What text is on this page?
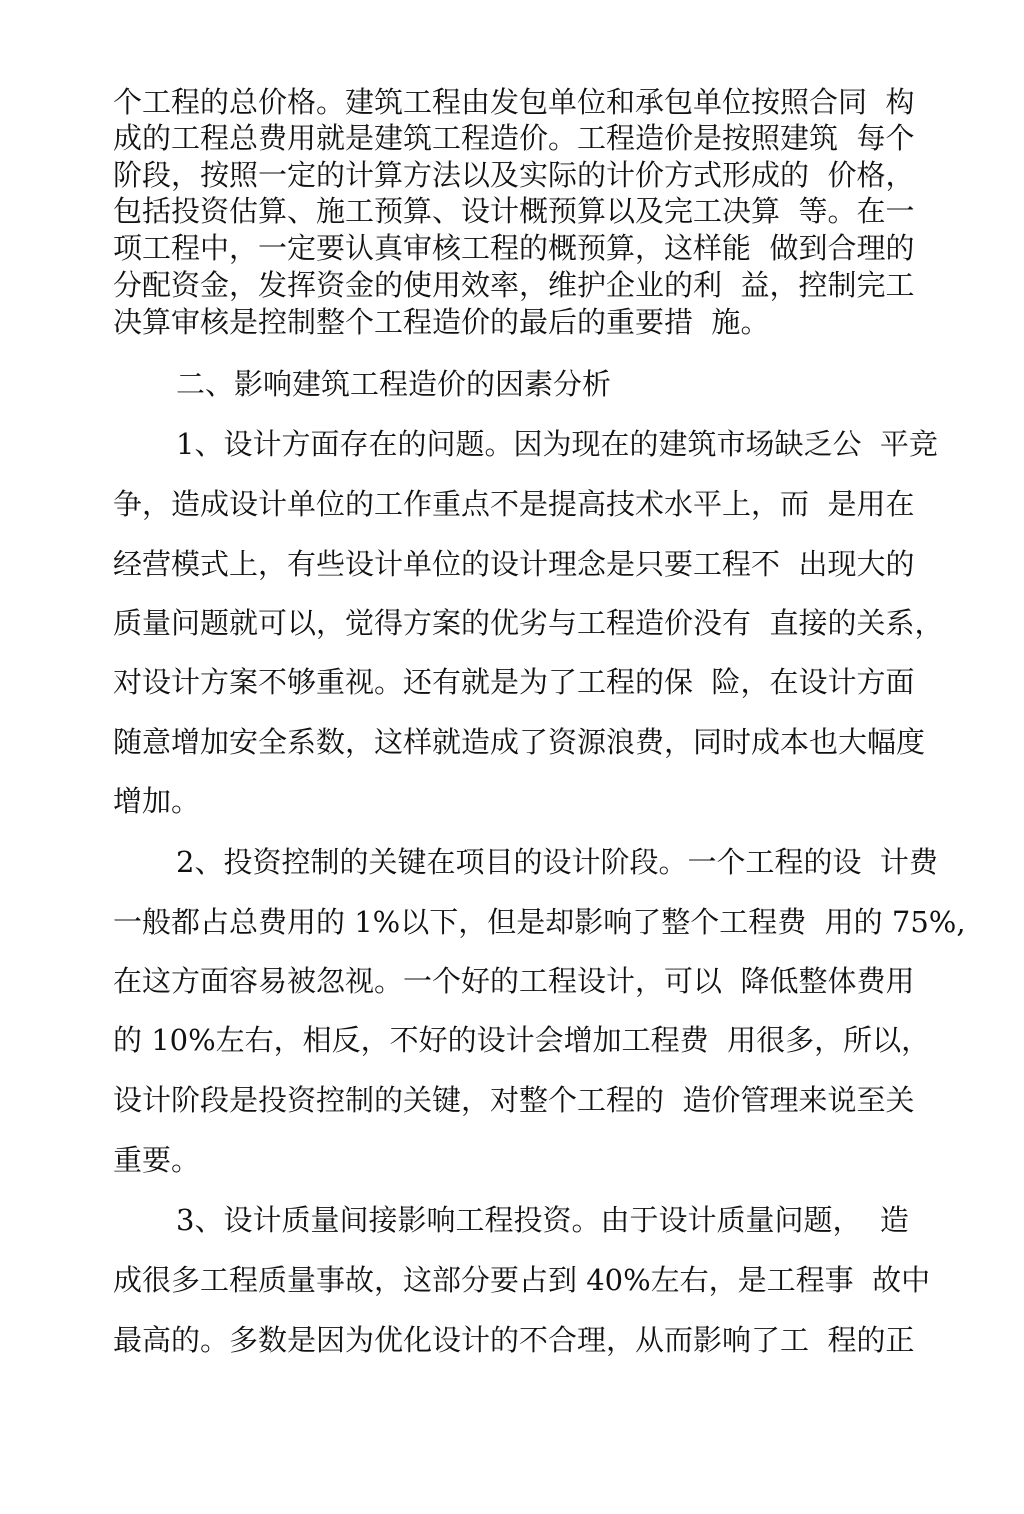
个工程的总价格。建筑工程由发包单位和承包单位按照合同  构
成的工程总费用就是建筑工程造价。工程造价是按照建筑  每个
阶段，按照一定的计算方法以及实际的计价方式形成的  价格，
包括投资估算、施工预算、设计概预算以及完工决算  等。在一
项工程中，一定要认真审核工程的概预算，这样能  做到合理的
分配资金，发挥资金的使用效率，维护企业的利  益，控制完工
决算审核是控制整个工程造价的最后的重要措  施。
二、影响建筑工程造价的因素分析
1、设计方面存在的问题。因为现在的建筑市场缺乏公  平竞
争，造成设计单位的工作重点不是提高技术水平上，而  是用在
经营模式上，有些设计单位的设计理念是只要工程不  出现大的
质量问题就可以，觉得方案的优劣与工程造价没有  直接的关系，
对设计方案不够重视。还有就是为了工程的保  险，在设计方面
随意增加安全系数，这样就造成了资源浪费，同时成本也大幅度
增加。
2、投资控制的关键在项目的设计阶段。一个工程的设  计费
一般都占总费用的 1%以下，但是却影响了整个工程费  用的 75%,
在这方面容易被忽视。一个好的工程设计，可以  降低整体费用
的 10%左右，相反，不好的设计会增加工程费  用很多，所以，
设计阶段是投资控制的关键，对整个工程的  造价管理来说至关
重要。
3、设计质量间接影响工程投资。由于设计质量问题，  造
成很多工程质量事故，这部分要占到 40%左右，是工程事  故中
最高的。多数是因为优化设计的不合理，从而影响了工  程的正
